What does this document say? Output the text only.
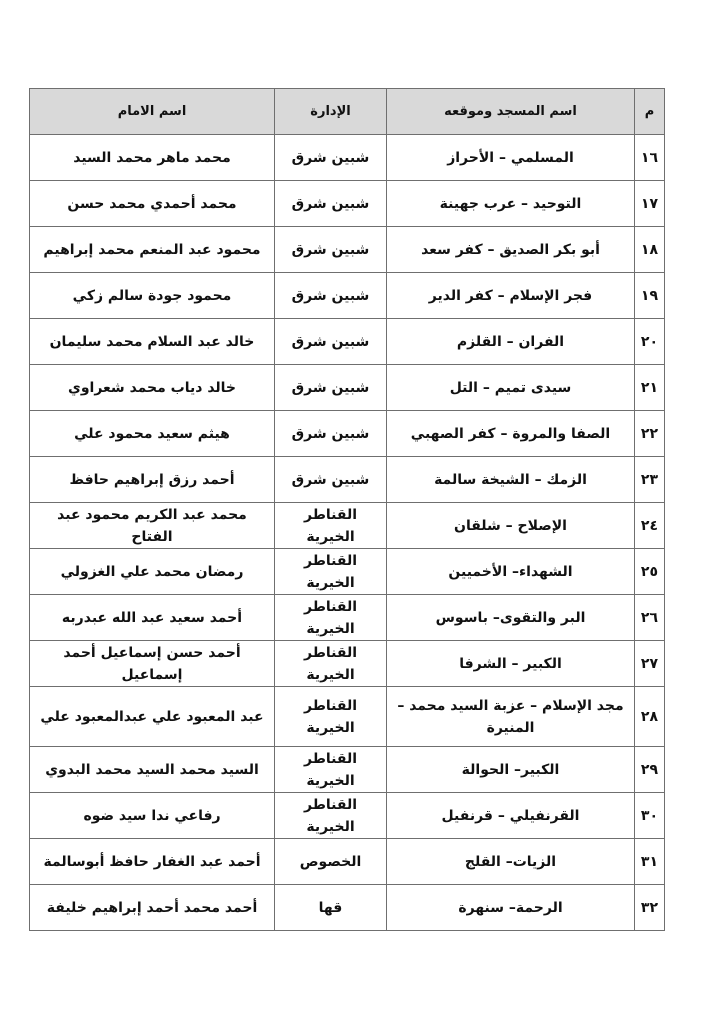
م	اسم المسجد وموقعه	الإدارة	اسم الامام
١٦	المسلمي – الأحراز	شبين شرق	محمد ماهر محمد السيد
١٧	التوحيد – عرب جهينة	شبين شرق	محمد أحمدي محمد حسن
١٨	أبو بكر الصديق – كفر سعد	شبين شرق	محمود عبد المنعم محمد إبراهيم
١٩	فجر الإسلام – كفر الدير	شبين شرق	محمود جودة سالم زكي
٢٠	الفران – القلزم	شبين شرق	خالد عبد السلام محمد سليمان
٢١	سيدى تميم – التل	شبين شرق	خالد دياب محمد شعراوي
٢٢	الصفا والمروة – كفر الصهبي	شبين شرق	هيثم سعيد محمود علي
٢٣	الزمك – الشيخة سالمة	شبين شرق	أحمد رزق إبراهيم حافظ
٢٤	الإصلاح – شلقان	القناطر الخيرية	محمد عبد الكريم محمود عبد الفتاح
٢٥	الشهداء– الأخميين	القناطر الخيرية	رمضان محمد علي الغزولي
٢٦	البر والتقوى– باسوس	القناطر الخيرية	أحمد سعيد عبد الله عبدربه
٢٧	الكبير – الشرفا	القناطر الخيرية	أحمد حسن إسماعيل أحمد إسماعيل
٢٨	مجد الإسلام – عزبة السيد محمد – المنيرة	القناطر الخيرية	عبد المعبود علي عبدالمعبود علي
٢٩	الكبير– الحوالة	القناطر الخيرية	السيد محمد السيد محمد البدوي
٣٠	القرنفيلي – قرنفيل	القناطر الخيرية	رفاعي ندا سيد ضوه
٣١	الزيات– القلج	الخصوص	أحمد عبد الغفار حافظ أبوسالمة
٣٢	الرحمة– سنهرة	قها	أحمد محمد أحمد إبراهيم خليفة
